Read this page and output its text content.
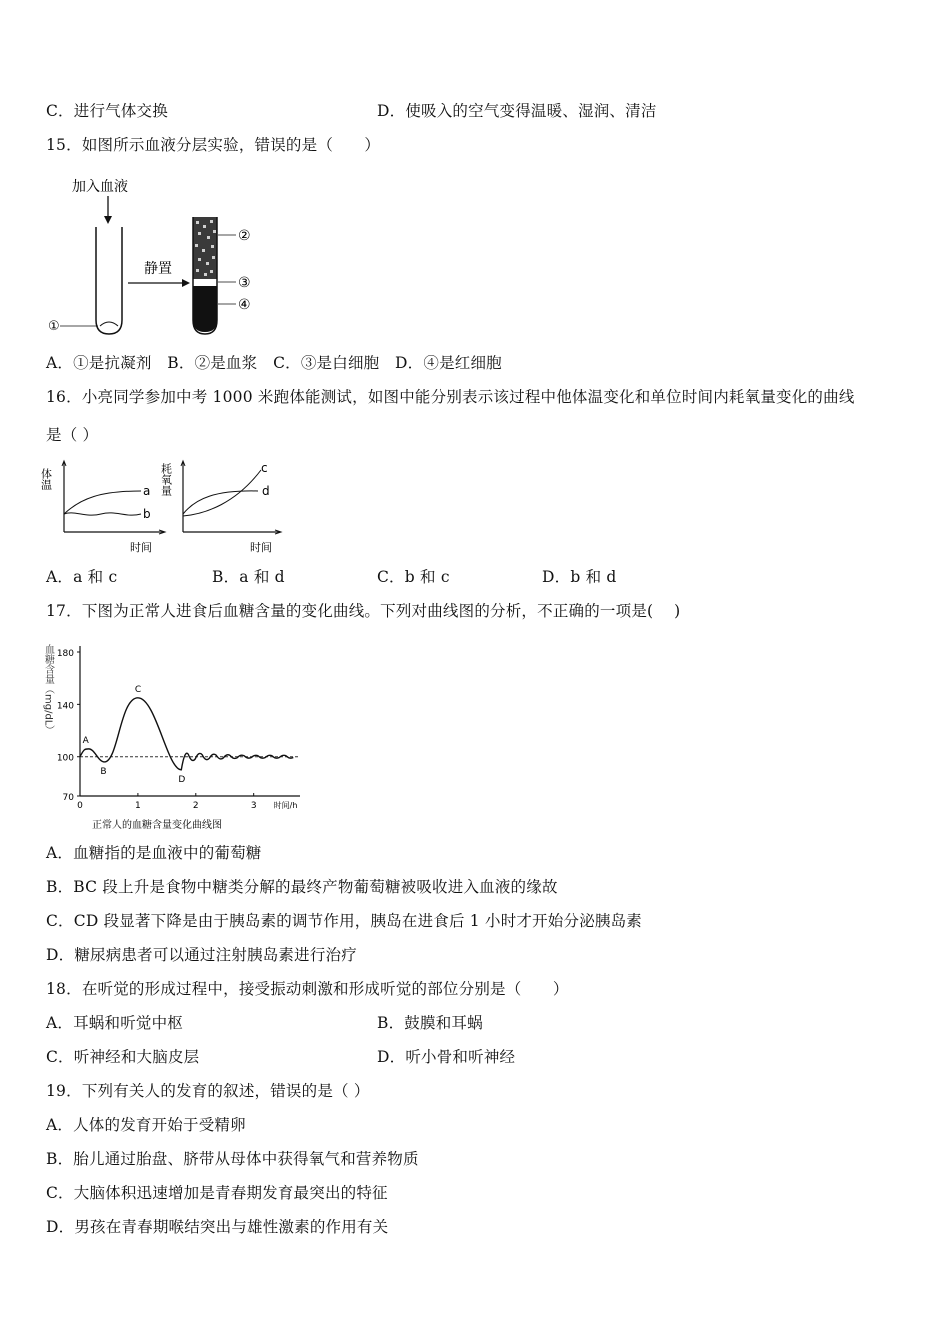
C．进行气体交换	D．使吸入的空气变得温暖、湿润、清洁
15．如图所示血液分层实验，错误的是（　　）
加入血液
①
静置
②
③
④
A．①是抗凝剂　B．②是血浆　C．③是白细胞　D．④是红细胞
16．小亮同学参加中考 1000 米跑体能测试，如图中能分别表示该过程中他体温变化和单位时间内耗氧量变化的曲线
是（ ）
体温
a
b
时间
耗氧量	c
d
时间
A．a 和 c	B．a 和 d	C．b 和 c	D．b 和 d
17．下图为正常人进食后血糖含量的变化曲线。下列对曲线图的分析，不正确的一项是(　 )
血糖含量（mg/dL）
70
100
140
180
0	1	2	3 时间/h
A
B
C
D
正常人的血糖含量变化曲线图
A．血糖指的是血液中的葡萄糖
B．BC 段上升是食物中糖类分解的最终产物葡萄糖被吸收进入血液的缘故
C．CD 段显著下降是由于胰岛素的调节作用，胰岛在进食后 1 小时才开始分泌胰岛素
D．糖尿病患者可以通过注射胰岛素进行治疗
18．在听觉的形成过程中，接受振动刺激和形成听觉的部位分别是（　　）
A．耳蜗和听觉中枢	B．鼓膜和耳蜗
C．听神经和大脑皮层	D．听小骨和听神经
19．下列有关人的发育的叙述，错误的是（ ）
A．人体的发育开始于受精卵
B．胎儿通过胎盘、脐带从母体中获得氧气和营养物质
C．大脑体积迅速增加是青春期发育最突出的特征
D．男孩在青春期喉结突出与雄性激素的作用有关
